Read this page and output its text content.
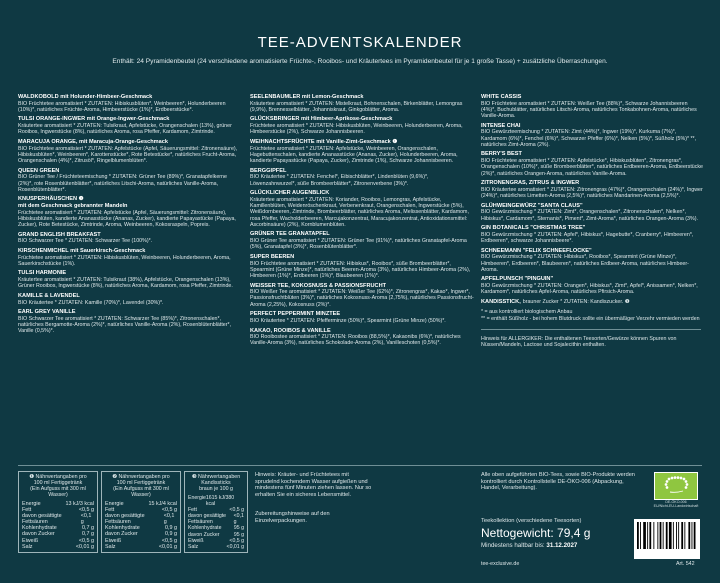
TEE-ADVENTSKALENDER
Enthält: 24 Pyramidenbeutel (24 verschiedene aromatisierte Früchte-, Rooibos- und Kräutertees im Pyramidenbeutel für je 1 große Tasse) + zusätzliche Überraschungen.
WALDKOBOLD mit Holunder-Himbeer-Geschmack
BIO Früchtetee aromatisiert * ZUTATEN: Hibiskusblüten*, Weinbeeren*, Holunderbeeren (10%)*, natürliches Früchte-Aroma, Himbeerstücke (1%)*, Erdbeerstücke*.
TULSI ORANGE-INGWER mit Orange-Ingwer-Geschmack
Kräutertee aromatisiert * ZUTATEN: Tulsikraut, Apfelstücke, Orangenschalen (13%), grüner Rooibos, Ingwerstücke (8%), natürliches Aroma, rosa Pfeffer, Kardamom, Zimtrinde.
MARACUJA ORANGE, mit Maracuja-Orange-Geschmack
BIO Früchtetee aromatisiert * ZUTATEN: Apfelstücke (Apfel, Säuerungsmittel: Zitronensäure), Hibiskusblüten*, Weinbeeren*, Karottenstücke*, Rote Betestücke*, natürliches Frucht-Aroma, Orangenschalen (4%)*, Zitrusöl*, Ringelblumenblüten*.
QUEEN GREEN
BIO Grüner Tee / Früchteteemischung * ZUTATEN: Grüner Tee (89%)*, Granatapfelkerne (2%)*, rote Rosenblütenblätter*, natürliches Litschi-Aroma, natürliches Vanille-Aroma, Rosenblütenblätter*.
KNUSPERHÄUSCHEN ❶
mit dem Geschmack gebrannter Mandeln
Früchtetee aromatisiert * ZUTATEN: Apfelstücke (Apfel, Säuerungsmittel: Zitronensäure), Hibiskusblüten, kandierte Ananasstücke (Ananas, Zucker), kandierte Papayastücke (Papaya, Zucker), Rote Betestücke, Zimtrinde, Aroma, Weinbeeren, Kokosraspeln, Popreis.
GRAND ENGLISH BREAKFAST
BIO Schwarzer Tee * ZUTATEN: Schwarzer Tee (100%)*.
KIRSCHENMICHEL mit Sauerkirsch-Geschmack
Früchtetee aromatisiert * ZUTATEN: Hibiskusblüten, Weinbeeren, Holunderbeeren, Aroma, Sauerkirschstücke (1%).
TULSI HARMONIE
Kräutertee aromatisiert * ZUTATEN: Tulsikraut (38%), Apfelstücke, Orangenschalen (13%), Grüner Rooibos, Ingwerstücke (8%), natürliches Aroma, Kardamom, rosa Pfeffer, Zimtrinde.
KAMILLE & LAVENDEL
BIO Kräutertee * ZUTATEN: Kamille (70%)*, Lavendel (30%)*.
EARL GREY VANILLE
BIO Schwarzer Tee aromatisiert * ZUTATEN: Schwarzer Tee (85%)*, Zitronenschalen*, natürliches Bergamotte-Aroma (2%)*, natürliches Vanille-Aroma (2%), Rosenblütenblätter*, Vanille (0,5%)*.
SEELENBAUMLER mit Lemon-Geschmack
Kräutertee aromatisiert * ZUTATEN: Mistelkraut, Bohnenschalen, Birkenblätter, Lemongras (9,9%), Brennesselblätter, Johanniskraut, Ginkgoblätter, Aroma.
GLÜCKSBRINGER mit Himbeer-Aprikose-Geschmack
Früchtetee aromatisiert * ZUTATEN: Hibiskusblüten, Weinbeeren, Holunderbeeren, Aroma, Himbeerstücke (2%), Schwarze Johannisbeeren.
WEIHNACHTSFRÜCHTE mit Vanille-Zimt-Geschmack ❶
Früchtetee aromatisiert * ZUTATEN: Apfelstücke, Weinbeeren, Orangenschalen, Hagebuttenschalen, kandierte Ananasstücke (Ananas, Zucker), Holunderbeeren, Aroma, kandierte Papayastücke (Papaya, Zucker), Zimtrinde (1%), Schwarze Johannisbeeren.
BERGGIPFEL
BIO Kräutertee * ZUTATEN: Fenchel*, Eibischblätter*, Lindenblüten (9,6%)*, Löwenzahnwurzel*, süße Brombeerblätter*, Zitronenverbene (3%)*.
GLÜCKLICHER AUGENBLICK
Kräutertee aromatisiert * ZUTATEN: Koriander, Rooibos, Lemongras, Apfelstücke, Kamillenblüten, Weidenröschenkraut, Verbenenkraut, Orangenschalen, Ingwerstücke (5%), Weißdornbeeren, Zimtrinde, Brombeerblätter, natürliches Aroma, Melissenblätter, Kardamom, rosa Pfeffer, Wacholderbeeren, Marcujakonzentrat, Maracujakonzentrat, Antioxidationsmittel: Ascorbinsäure) (2%), Kornblumenblüten.
GRÜNER TEE GRANATAPFEL
BIO Grüner Tee aromatisiert * ZUTATEN: Grüner Tee (91%)*, natürliches Granatapfel-Aroma (5%), Granatapfel (3%)*, Rosenblütenblätter*.
SUPER BEEREN
BIO Früchtetee aromatisiert * ZUTATEN: Hibiskus*, Rooibos*, süße Brombeerblätter*, Spearmint (Grüne Minze)*, natürliches Beeren-Aroma (3%), natürliches Himbeer-Aroma (2%), Himbeeren (1%)*, Erdbeeren (1%)*, Blaubeeren (1%)*.
WEISSER TEE, KOKOSNUSS & PASSIONSFRUCHT
BIO Weißer Tee aromatisiert * ZUTATEN: Weißer Tee (62%)*, Zitronengras*, Kakao*, Ingwer*, Passionsfruchtblüten (3%)*, natürliches Kokosnuss-Aroma (2,75%), natürliches Passionsfrucht-Aroma (2,25%), Kokosnuss (2%)*.
PERFECT PEPPERMINT MINZTEE
BIO Kräutertee * ZUTATEN: Pfefferminze (50%)*, Spearmint (Grüne Minze) (50%)*.
KAKAO, ROOIBOS & VANILLE
BIO Rooibostee aromatisiert * ZUTATEN: Rooibos (88,5%)*, Kakaonibs (6%)*, natürliches Vanille-Aroma (3%), natürliches Schokolade-Aroma (2%), Vanilleschoten (0,5%)*.
WHITE CASSIS
BIO Früchtetee aromatisiert * ZUTATEN: Weißer Tee (88%)*, Schwarze Johannisbeeren (4%)*, Buchublätter, natürliches Litschi-Aroma, natürliches Tonkabohnen-Aroma, natürliches Vanille-Aroma.
INTENSE CHAI
BIO Gewürzteemischung * ZUTATEN: Zimt (44%)*, Ingwer (19%)*, Kurkuma (7%)*, Kardamom (6%)*, Fenchel (6%)*, Schwarzer Pfeffer (6%)*, Nelken (5%)*, Süßholz (5%)* **, natürliches Zimt-Aroma (2%).
BERRY'S BEST
BIO Früchtetee aromatisiert * ZUTATEN: Apfelstücke*, Hibiskusblüten*, Zitronengras*, Orangenschalen (10%)*, süße Brombeerblätter*, natürliches Erdbeeren-Aroma, Erdbeerstücke (2%)*, natürliches Orangen-Aroma, natürliches Vanille-Aroma.
ZITRONENGRAS, ZITRUS & INGWER
BIO Kräutertee aromatisiert * ZUTATEN: Zitronengras (47%)*, Orangenschalen (24%)*, Ingwer (24%)*, natürliches Limetten-Aroma (2,5%)*, natürliches Mandarinen-Aroma (2,5%)*.
GLÜHWEINGEWÜRZ "SANTA CLAUS"
BIO Gewürzmischung * ZUTATEN: Zimt*, Orangenschalen*, Zitronenschalen*, Nelken*, Hibiskus*, Cardamom*, Sternanis*, Piment*, Zimt-Aroma*, natürliches Orangen-Aroma (3%).
GIN BOTANICALS "CHRISTMAS TREE"
BIO Gewürzmischung * ZUTATEN: Apfel*, Hibiskus*, Hagebutte*, Cranberry*, Himbeeren*, Erdbeeren*, schwarze Johannisbeere*.
SCHNEEMANN "FELIX SCHNEEFLOCKE"
BIO Gewürzmischung * ZUTATEN: Hibiskus*, Rooibos*, Spearmint (Grüne Minze)*, Himbeeren*, Erdbeeren*, Blaubeeren*, natürliches Erdbeer-Aroma, natürliches Himbeer-Aroma.
APFELPUNSCH "PINGUIN"
BIO Gewürzmischung * ZUTATEN: Orangen*, Hibiskus*, Zimt*, Apfel*, Anissamen*, Nelken*, Kardamom*, natürliches Apfel-Aroma, natürliches Pfirsich-Aroma.
KANDISSTICK, brauner Zucker * ZUTATEN: Kandiszucker. ❶
* = aus kontrolliert biologischem Anbau
** = enthält Süßholz - bei hohem Blutdruck sollte ein übermäßiger Verzehr vermieden werden
Hinweis für ALLERGIKER: Die enthaltenen Teesorten/Gewürze können Spuren von Nüssen/Mandeln, Lactose und Sojalecithin enthalten.
❶ Nährwertangaben pro
100 ml Fertiggetränk
(Ein Aufguss mit 300 ml Wasser)
Energie	13 kJ/3 kcal
Fett	<0,5 g
davon gesättigte Fettsäuren
<0,1 g
Kohlenhydrate	0,7 g
davon Zucker	0,7 g
Eiweiß	<0,5 g
Salz	<0,01 g
❷ Nährwertangaben pro
100 ml Fertiggetränk
(Ein Aufguss mit 300 ml Wasser)
Energie	15 kJ/4 kcal
Fett	<0,5 g
davon gesättigte Fettsäuren
<0,1 g
Kohlenhydrate	0,9 g
davon Zucker	0,9 g
Eiweiß	<0,5 g
Salz	<0,01 g
❸ Nährwertangaben Kandissticks
braun je 100 g
Energie 1615 kJ/380 kcal
Fett	<0,5 g
davon gesättigte Fettsäuren
<0,1 g
Kohlenhydrate 95 g
davon Zucker	95 g
Eiweiß	<0,5 g
Salz	<0,01 g
Hinweis: Kräuter- und Früchtetees mit sprudelnd kochendem Wasser aufgießen und mindestens fünf Minuten ziehen lassen. Nur so erhalten Sie ein sicheres Lebensmittel.
Zubereitungshinweise auf den Einzelverpackungen.
Alle oben aufgeführten BIO-Tees, sowie BIO-Produkte werden kontrolliert durch Kontrollstelle DE-ÖKO-006 (Abpackung, Handel, Verarbeitung).
DE-ÖKO-006
EU/Nicht-EU-Landwirtschaft
Teekollektion (verschiedene Teesorten)
Nettogewicht: 79,4 g
Mindestens haltbar bis: 31.12.2027
4 260227 775426
tee-exclusive.de	Art. 542
